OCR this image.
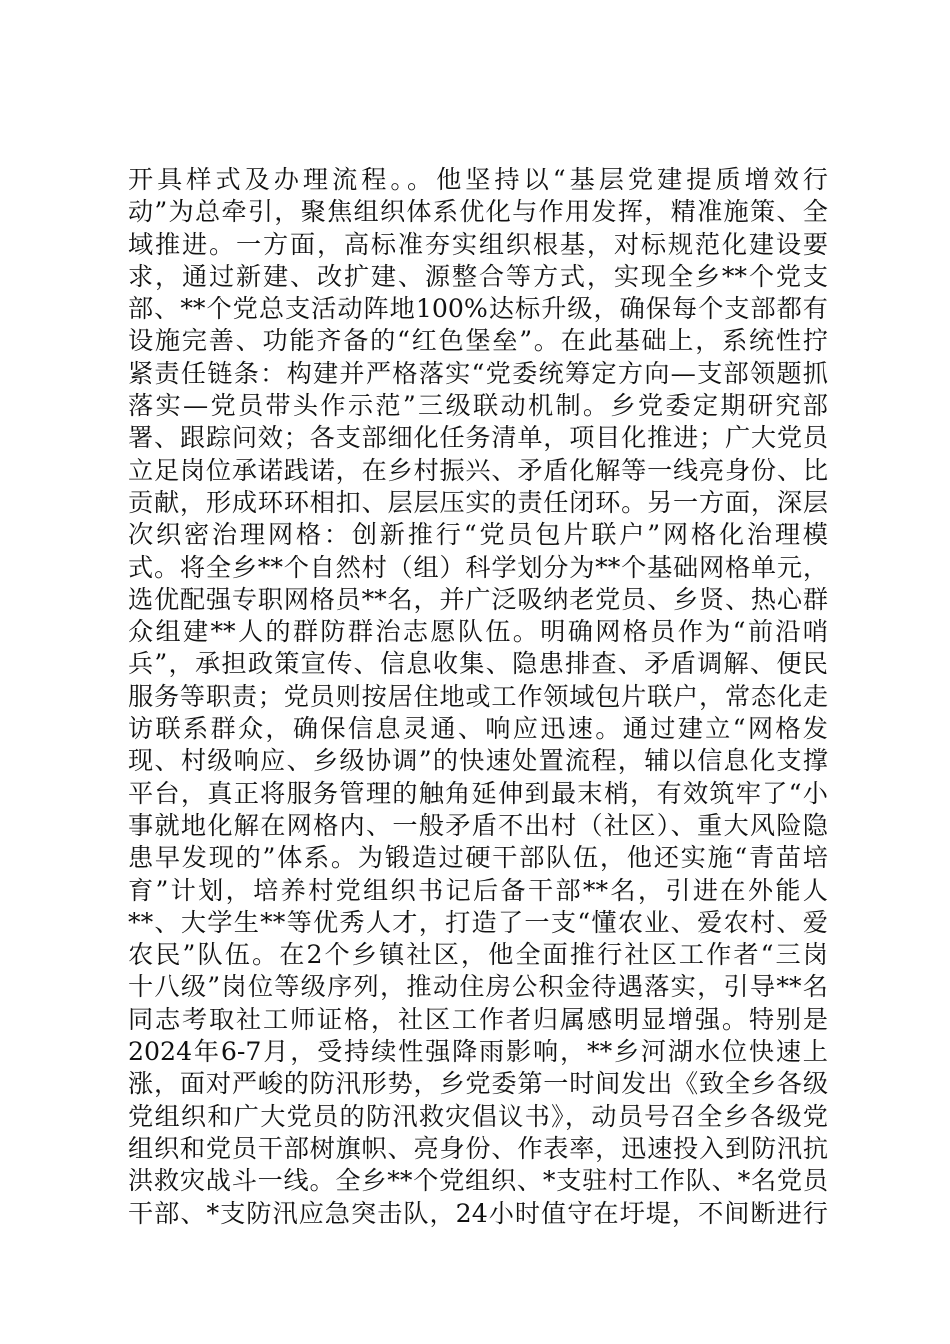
开具样式及办理流程。。他坚持以“基层党建提质增效行
动”为总牵引，聚焦组织体系优化与作用发挥，精准施策、全
域推进。一方面，高标准夯实组织根基，对标规范化建设要
求，通过新建、改扩建、源整合等方式，实现全乡**个党支
部、**个党总支活动阵地100%达标升级，确保每个支部都有
设施完善、功能齐备的“红色堡垒”。在此基础上，系统性拧
紧责任链条：构建并严格落实“党委统筹定方向—支部领题抓
落实—党员带头作示范”三级联动机制。乡党委定期研究部
署、跟踪问效；各支部细化任务清单，项目化推进；广大党员
立足岗位承诺践诺，在乡村振兴、矛盾化解等一线亮身份、比
贡献，形成环环相扣、层层压实的责任闭环。另一方面，深层
次织密治理网格：创新推行“党员包片联户”网格化治理模
式。将全乡**个自然村（组）科学划分为**个基础网格单元，
选优配强专职网格员**名，并广泛吸纳老党员、乡贤、热心群
众组建**人的群防群治志愿队伍。明确网格员作为“前沿哨
兵”，承担政策宣传、信息收集、隐患排查、矛盾调解、便民
服务等职责；党员则按居住地或工作领域包片联户，常态化走
访联系群众，确保信息灵通、响应迅速。通过建立“网格发
现、村级响应、乡级协调”的快速处置流程，辅以信息化支撑
平台，真正将服务管理的触角延伸到最末梢，有效筑牢了“小
事就地化解在网格内、一般矛盾不出村（社区）、重大风险隐
患早发现的”体系。为锻造过硬干部队伍，他还实施“青苗培
育”计划，培养村党组织书记后备干部**名，引进在外能人
**、大学生**等优秀人才，打造了一支“懂农业、爱农村、爱
农民”队伍。在2个乡镇社区，他全面推行社区工作者“三岗
十八级”岗位等级序列，推动住房公积金待遇落实，引导**名
同志考取社工师证格，社区工作者归属感明显增强。特别是
2024年6-7月，受持续性强降雨影响，**乡河湖水位快速上
涨，面对严峻的防汛形势，乡党委第一时间发出《致全乡各级
党组织和广大党员的防汛救灾倡议书》，动员号召全乡各级党
组织和党员干部树旗帜、亮身份、作表率，迅速投入到防汛抗
洪救灾战斗一线。全乡**个党组织、*支驻村工作队、*名党员
干部、*支防汛应急突击队，24小时值守在圩堤，不间断进行
